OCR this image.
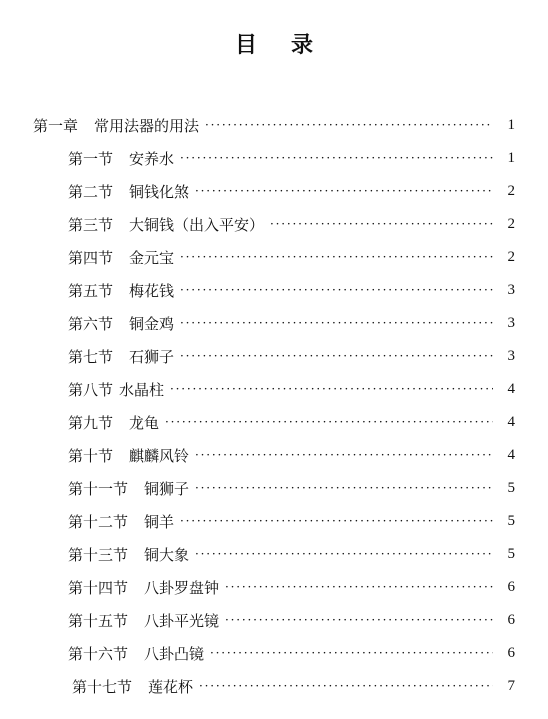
目 录
第一章 常用法器的用法 · · ·	1
第一节 安养水 · · ·	1
第二节 铜钱化煞 · · ·	2
第三节 大铜钱（出入平安） · · ·	2
第四节 金元宝 · · ·	2
第五节 梅花钱 · · ·	3
第六节 铜金鸡 · · ·	3
第七节 石狮子 · · ·	3
第八节 水晶柱 · · ·	4
第九节 龙龟 · · ·	4
第十节 麒麟风铃 · · ·	4
第十一节 铜狮子 · · ·	5
第十二节 铜羊 · · ·	5
第十三节 铜大象 · · ·	5
第十四节 八卦罗盘钟 · · ·	6
第十五节 八卦平光镜 · · ·	6
第十六节 八卦凸镜 · · ·	6
第十七节 莲花杯 · · ·	7
